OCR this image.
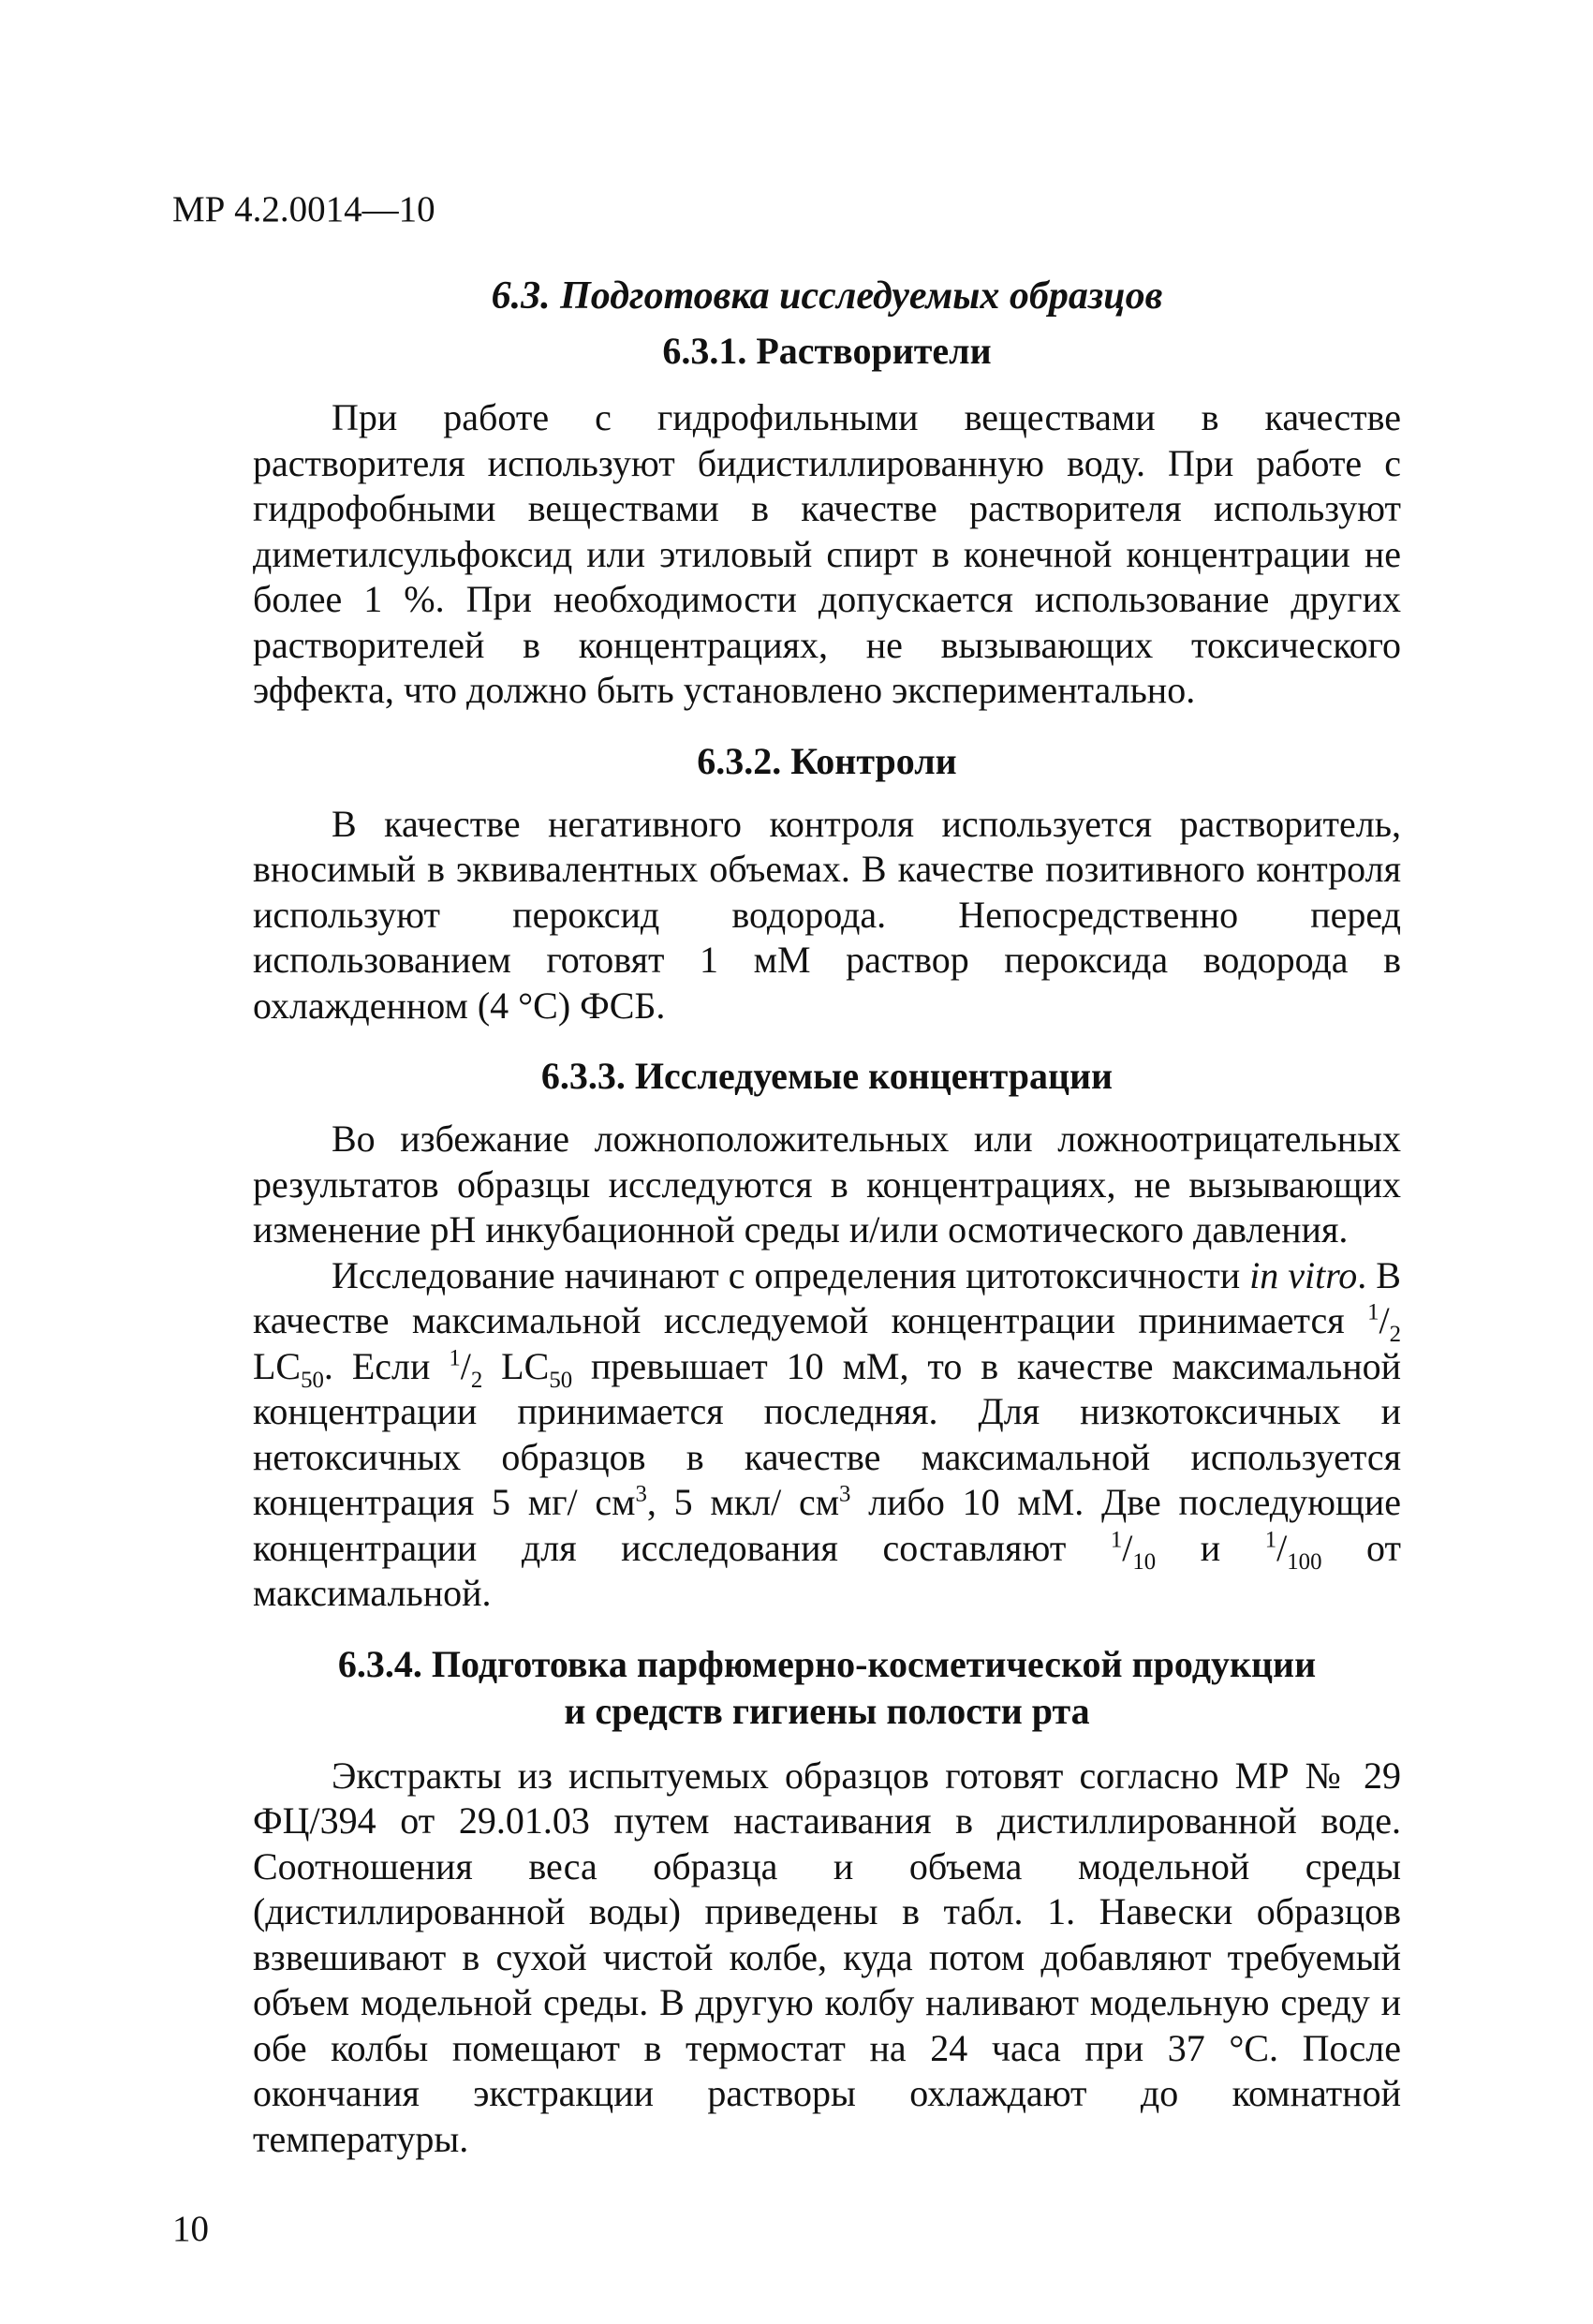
МР 4.2.0014—10
6.3. Подготовка исследуемых образцов
6.3.1. Растворители

При работе с гидрофильными веществами в качестве растворителя используют бидистиллированную воду. При работе с гидрофобными веществами в качестве растворителя используют диметилсульфоксид или этиловый спирт в конечной концентрации не более 1 %. При необходимости допускается использование других растворителей в концентрациях, не вызывающих токсического эффекта, что должно быть установлено экспериментально.

6.3.2. Контроли

В качестве негативного контроля используется растворитель, вносимый в эквивалентных объемах. В качестве позитивного контроля используют пероксид водорода. Непосредственно перед использованием готовят 1 мМ раствор пероксида водорода в охлажденном (4 °С) ФСБ.

6.3.3. Исследуемые концентрации

Во избежание ложноположительных или ложноотрицательных результатов образцы исследуются в концентрациях, не вызывающих изменение pH инкубационной среды и/или осмотического давления.

Исследование начинают с определения цитотоксичности in vitro. В качестве максимальной исследуемой концентрации принимается $^1/_2$ $LC_{50}$. Если $^1/_2$ $LC_{50}$ превышает 10 мМ, то в качестве максимальной концентрации принимается последняя. Для низкотоксичных и нетоксичных образцов в качестве максимальной используется концентрация 5 мг/ $см^3$, 5 мкл/ $см^3$ либо 10 мМ. Две последующие концентрации для исследования составляют $^1/_{10}$ и $^1/_{100}$ от максимальной.

6.3.4. Подготовка парфюмерно-косметической продукции
и средств гигиены полости рта

Экстракты из испытуемых образцов готовят согласно МР № 29 ФЦ/394 от 29.01.03 путем настаивания в дистиллированной воде. Соотношения веса образца и объема модельной среды (дистиллированной воды) приведены в табл. 1. Навески образцов взвешивают в сухой чистой колбе, куда потом добавляют требуемый объем модельной среды. В другую колбу наливают модельную среду и обе колбы помещают в термостат на 24 часа при 37 °С. После окончания экстракции растворы охлаждают до комнатной температуры.

10
